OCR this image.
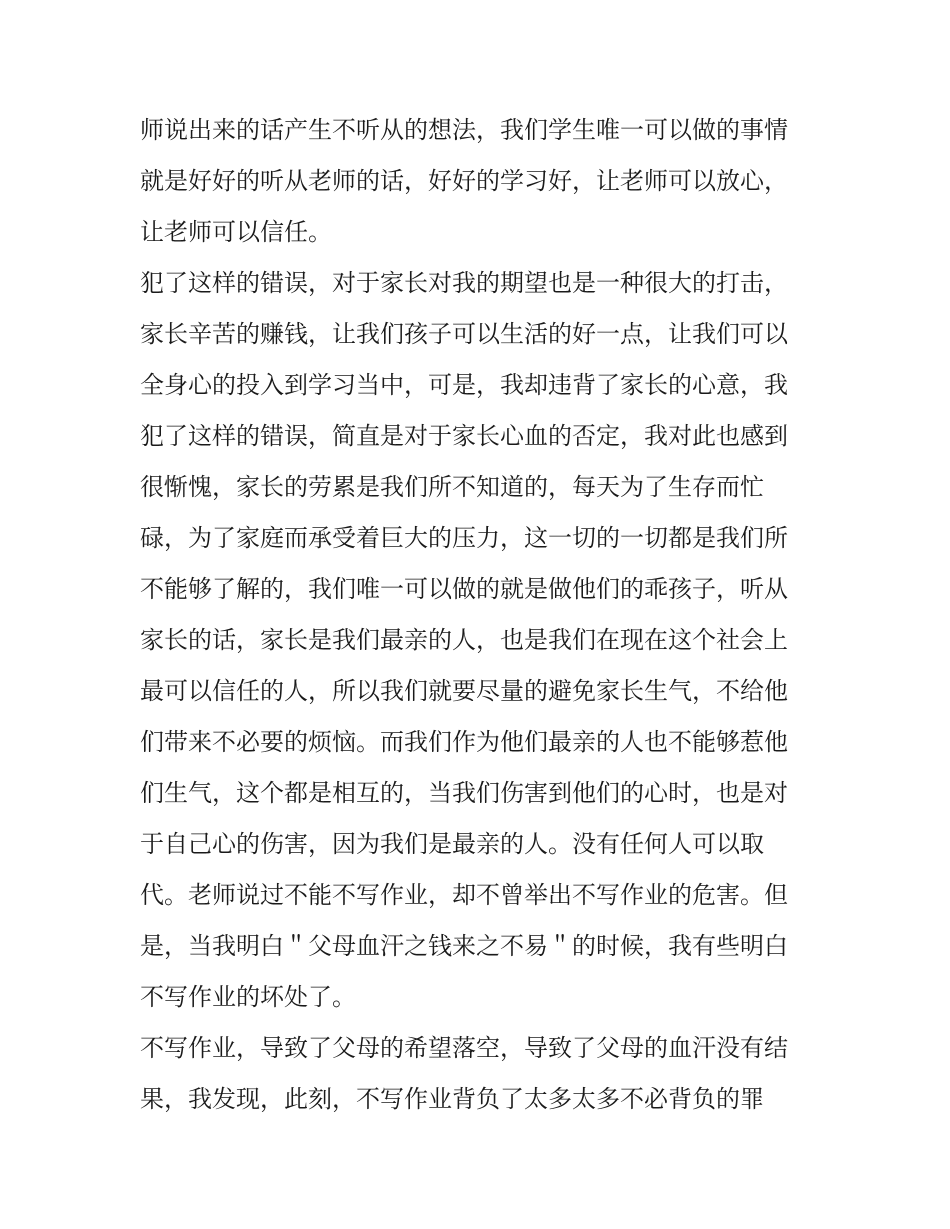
师说出来的话产生不听从的想法，我们学生唯一可以做的事情
就是好好的听从老师的话，好好的学习好，让老师可以放心，
让老师可以信任。
犯了这样的错误，对于家长对我的期望也是一种很大的打击，
家长辛苦的赚钱，让我们孩子可以生活的好一点，让我们可以
全身心的投入到学习当中，可是，我却违背了家长的心意，我
犯了这样的错误，简直是对于家长心血的否定，我对此也感到
很惭愧，家长的劳累是我们所不知道的，每天为了生存而忙
碌，为了家庭而承受着巨大的压力，这一切的一切都是我们所
不能够了解的，我们唯一可以做的就是做他们的乖孩子，听从
家长的话，家长是我们最亲的人，也是我们在现在这个社会上
最可以信任的人，所以我们就要尽量的避免家长生气，不给他
们带来不必要的烦恼。而我们作为他们最亲的人也不能够惹他
们生气，这个都是相互的，当我们伤害到他们的心时，也是对
于自己心的伤害，因为我们是最亲的人。没有任何人可以取
代。老师说过不能不写作业，却不曾举出不写作业的危害。但
是，当我明白＂父母血汗之钱来之不易＂的时候，我有些明白
不写作业的坏处了。
不写作业，导致了父母的希望落空，导致了父母的血汗没有结
果，我发现，此刻，不写作业背负了太多太多不必背负的罪
